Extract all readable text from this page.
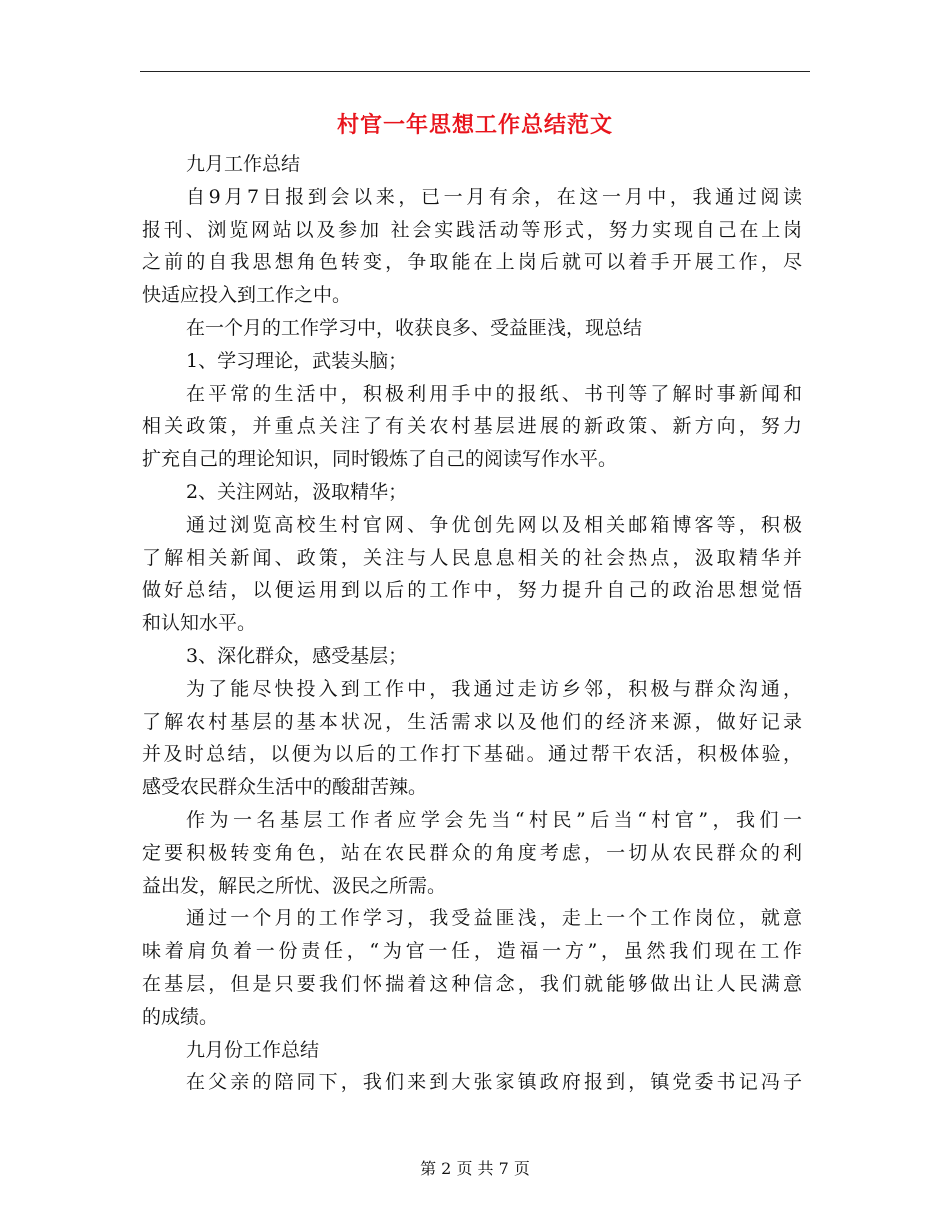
村官一年思想工作总结范文
九月工作总结
自9月7日报到会以来，已一月有余，在这一月中，我通过阅读
报刊、浏览网站以及参加 社会实践活动等形式，努力实现自己在上岗
之前的自我思想角色转变，争取能在上岗后就可以着手开展工作，尽
快适应投入到工作之中。
在一个月的工作学习中，收获良多、受益匪浅，现总结
1、学习理论，武装头脑；
在平常的生活中，积极利用手中的报纸、书刊等了解时事新闻和
相关政策，并重点关注了有关农村基层进展的新政策、新方向，努力
扩充自己的理论知识，同时锻炼了自己的阅读写作水平。
2、关注网站，汲取精华；
通过浏览高校生村官网、争优创先网以及相关邮箱博客等，积极
了解相关新闻、政策，关注与人民息息相关的社会热点，汲取精华并
做好总结，以便运用到以后的工作中，努力提升自己的政治思想觉悟
和认知水平。
3、深化群众，感受基层；
为了能尽快投入到工作中，我通过走访乡邻，积极与群众沟通，
了解农村基层的基本状况，生活需求以及他们的经济来源，做好记录
并及时总结，以便为以后的工作打下基础。通过帮干农活，积极体验，
感受农民群众生活中的酸甜苦辣。
作为一名基层工作者应学会先当“村民”后当“村官”，我们一
定要积极转变角色，站在农民群众的角度考虑，一切从农民群众的利
益出发，解民之所忧、汲民之所需。
通过一个月的工作学习，我受益匪浅，走上一个工作岗位，就意
味着肩负着一份责任，“为官一任，造福一方”，虽然我们现在工作
在基层，但是只要我们怀揣着这种信念，我们就能够做出让人民满意
的成绩。
九月份工作总结
在父亲的陪同下，我们来到大张家镇政府报到，镇党委书记冯子
第 2 页 共 7 页
